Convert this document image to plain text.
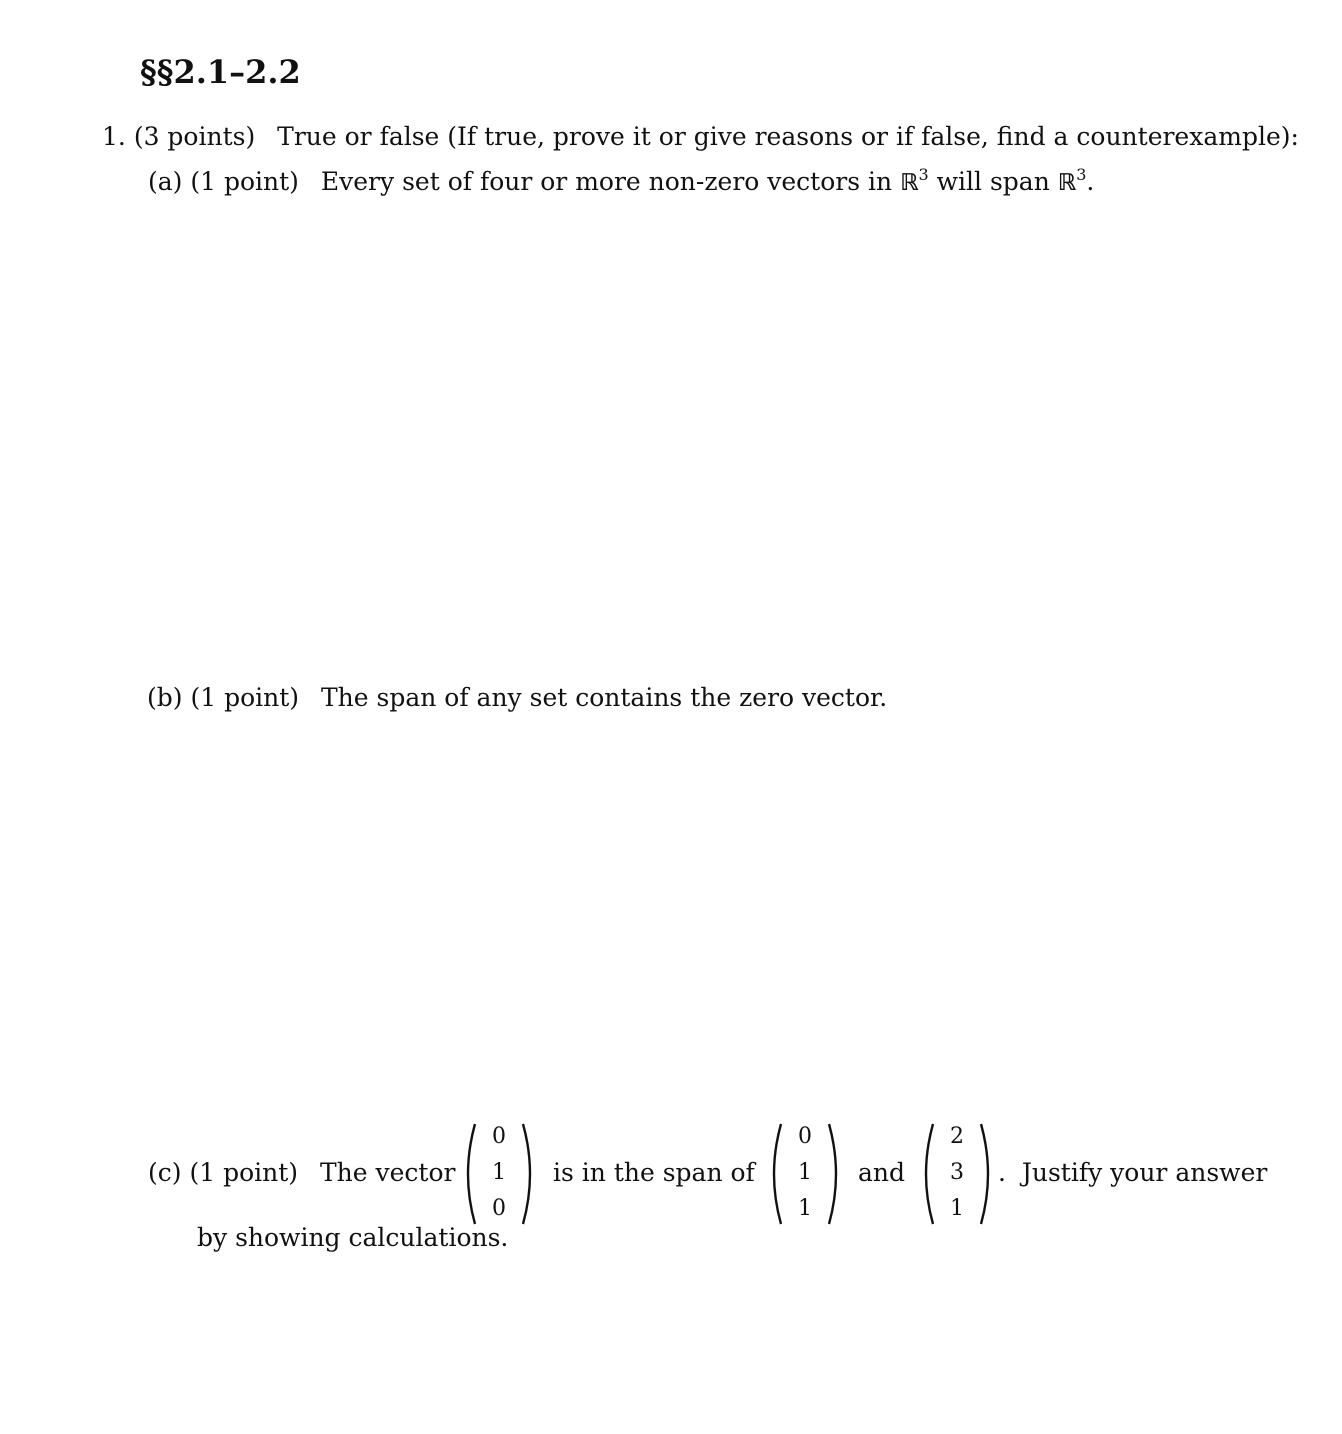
§§2.1–2.2
1. (3 points) True or false (If true, prove it or give reasons or if false, find a counterexample):
(a) (1 point) Every set of four or more non-zero vectors in ℝ$^3$ will span ℝ$^3$.
(b) (1 point) The span of any set contains the zero vector.
(c) (1 point) The vector
0
1
0
is in the span of
0
1
1
and
2
3
1
.  Justify your answer
by showing calculations.
